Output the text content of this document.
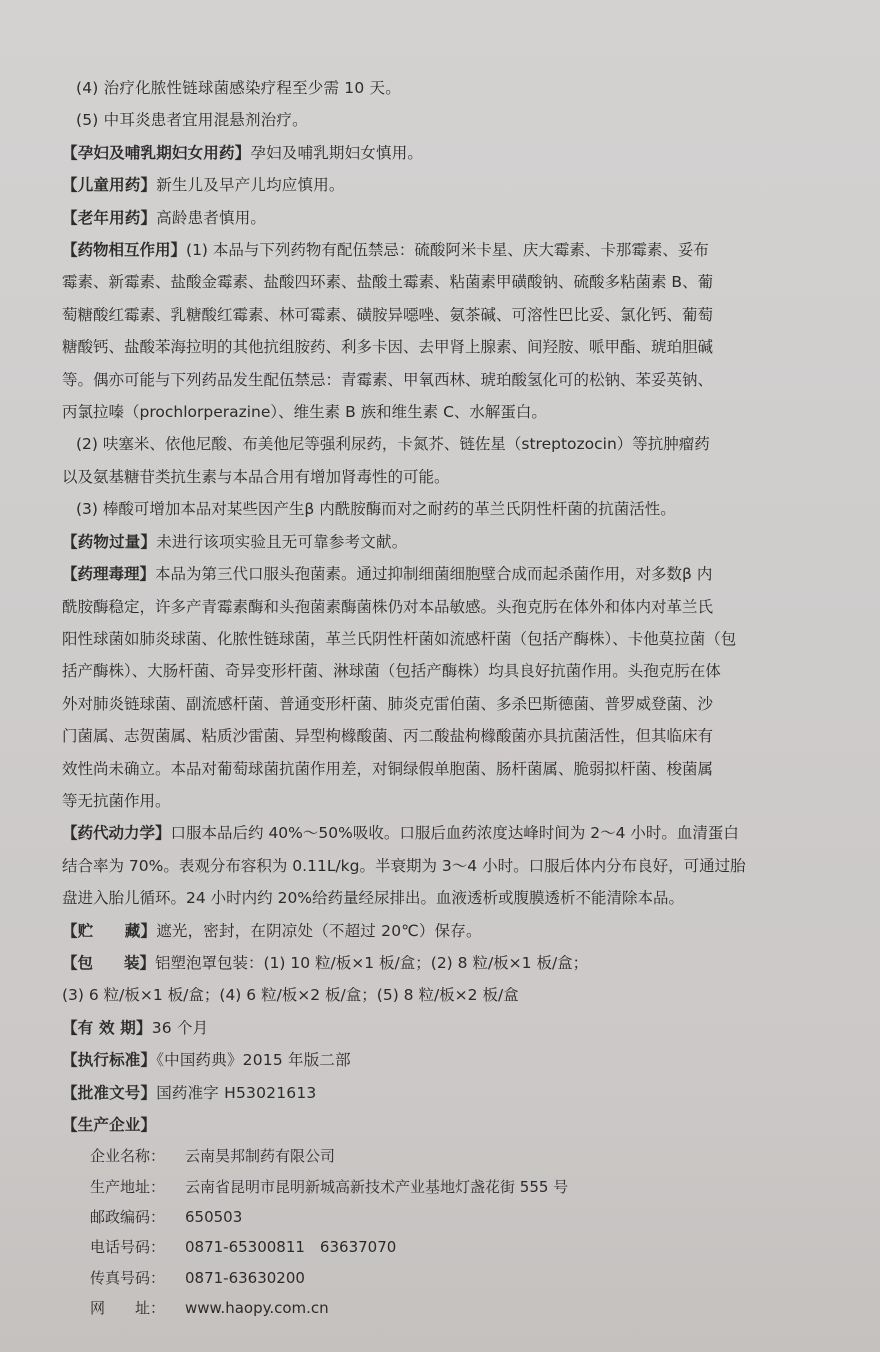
(4) 治疗化脓性链球菌感染疗程至少需 10 天。
(5) 中耳炎患者宜用混悬剂治疗。
【孕妇及哺乳期妇女用药】孕妇及哺乳期妇女慎用。
【儿童用药】新生儿及早产儿均应慎用。
【老年用药】高龄患者慎用。

【药物相互作用】(1) 本品与下列药物有配伍禁忌：硫酸阿米卡星、庆大霉素、卡那霉素、妥布

霉素、新霉素、盐酸金霉素、盐酸四环素、盐酸土霉素、粘菌素甲磺酸钠、硫酸多粘菌素 B、葡

萄糖酸红霉素、乳糖酸红霉素、林可霉素、磺胺异噁唑、氨茶碱、可溶性巴比妥、氯化钙、葡萄

糖酸钙、盐酸苯海拉明的其他抗组胺药、利多卡因、去甲肾上腺素、间羟胺、哌甲酯、琥珀胆碱

等。偶亦可能与下列药品发生配伍禁忌：青霉素、甲氧西林、琥珀酸氢化可的松钠、苯妥英钠、

丙氯拉嗪（prochlorperazine）、维生素 B 族和维生素 C、水解蛋白。

(2) 呋塞米、依他尼酸、布美他尼等强利尿药，卡氮芥、链佐星（streptozocin）等抗肿瘤药

以及氨基糖苷类抗生素与本品合用有增加肾毒性的可能。

(3) 棒酸可增加本品对某些因产生β 内酰胺酶而对之耐药的革兰氏阴性杆菌的抗菌活性。

【药物过量】未进行该项实验且无可靠参考文献。

【药理毒理】本品为第三代口服头孢菌素。通过抑制细菌细胞壁合成而起杀菌作用，对多数β 内

酰胺酶稳定，许多产青霉素酶和头孢菌素酶菌株仍对本品敏感。头孢克肟在体外和体内对革兰氏

阳性球菌如肺炎球菌、化脓性链球菌，革兰氏阴性杆菌如流感杆菌（包括产酶株）、卡他莫拉菌（包

括产酶株）、大肠杆菌、奇异变形杆菌、淋球菌（包括产酶株）均具良好抗菌作用。头孢克肟在体

外对肺炎链球菌、副流感杆菌、普通变形杆菌、肺炎克雷伯菌、多杀巴斯德菌、普罗威登菌、沙

门菌属、志贺菌属、粘质沙雷菌、异型枸橼酸菌、丙二酸盐枸橼酸菌亦具抗菌活性，但其临床有

效性尚未确立。本品对葡萄球菌抗菌作用差，对铜绿假单胞菌、肠杆菌属、脆弱拟杆菌、梭菌属

等无抗菌作用。

【药代动力学】口服本品后约 40%～50%吸收。口服后血药浓度达峰时间为 2～4 小时。血清蛋白

结合率为 70%。表观分布容积为 0.11L/kg。半衰期为 3～4 小时。口服后体内分布良好，可通过胎

盘进入胎儿循环。24 小时内约 20%给药量经尿排出。血液透析或腹膜透析不能清除本品。

【贮　　藏】遮光，密封，在阴凉处（不超过 20℃）保存。

【包　　装】铝塑泡罩包装：(1) 10 粒/板×1 板/盒；(2) 8 粒/板×1 板/盒；

(3) 6 粒/板×1 板/盒；(4) 6 粒/板×2 板/盒；(5) 8 粒/板×2 板/盒

【有 效 期】36 个月
【执行标准】《中国药典》2015 年版二部
【批准文号】国药准字 H53021613
【生产企业】
企业名称： 云南昊邦制药有限公司
生产地址： 云南省昆明市昆明新城高新技术产业基地灯盏花街 555 号
邮政编码： 650503
电话号码： 0871-65300811　63637070
传真号码： 0871-63630200
网　　址： www.haopy.com.cn
